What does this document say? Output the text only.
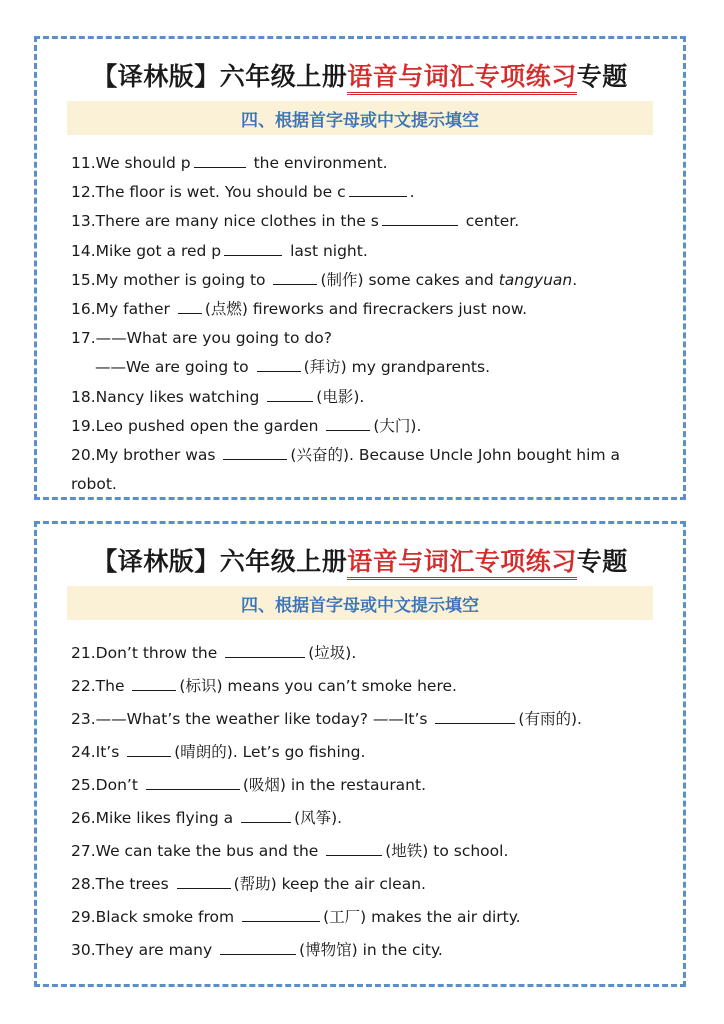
【译林版】六年级上册语音与词汇专项练习专题
四、根据首字母或中文提示填空
11.We should p	the environment.
12.The floor is wet. You should be c	.
13.There are many nice clothes in the s	center.
14.Mike got a red p	last night.
15.My mother is going to	(制作) some cakes and tangyuan.
16.My father (点燃) fireworks and firecrackers just now.
17.——What are you going to do?
——We are going to	(拜访) my grandparents.
18.Nancy likes watching	(电影).
19.Leo pushed open the garden	(大门).
20.My brother was	(兴奋的). Because Uncle John bought him a
robot.
【译林版】六年级上册语音与词汇专项练习专题
四、根据首字母或中文提示填空
21.Don’t throw the	(垃圾).
22.The	(标识) means you can’t smoke here.
23.——What’s the weather like today? ——It’s	(有雨的).
24.It’s	(晴朗的). Let’s go fishing.
25.Don’t	(吸烟) in the restaurant.
26.Mike likes flying a	(风筝).
27.We can take the bus and the	(地铁) to school.
28.The trees	(帮助) keep the air clean.
29.Black smoke from	(工厂) makes the air dirty.
30.They are many	(博物馆) in the city.
